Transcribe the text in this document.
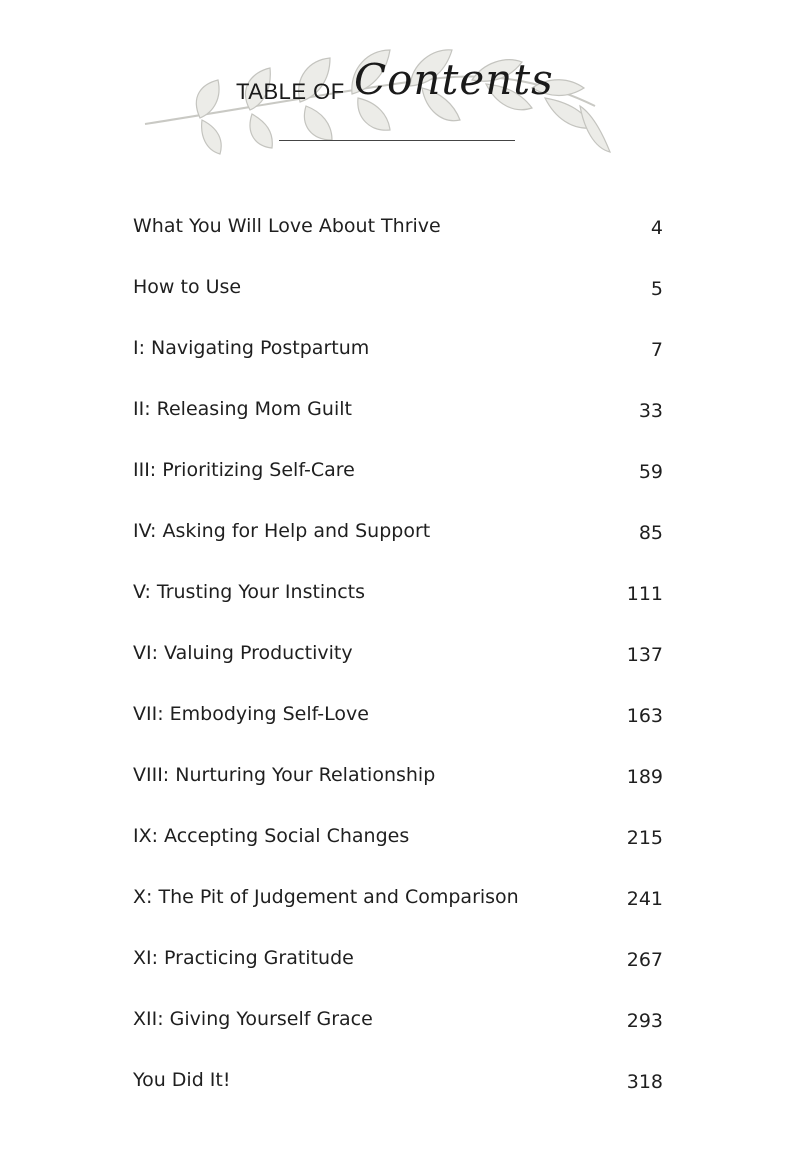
TABLE OF Contents
What You Will Love About Thrive	4
How to Use	5
I: Navigating Postpartum	7
II: Releasing Mom Guilt	33
III: Prioritizing Self-Care	59
IV: Asking for Help and Support	85
V: Trusting Your Instincts	111
VI: Valuing Productivity	137
VII: Embodying Self-Love	163
VIII: Nurturing Your Relationship	189
IX: Accepting Social Changes	215
X: The Pit of Judgement and Comparison	241
XI: Practicing Gratitude	267
XII: Giving Yourself Grace	293
You Did It!	318
